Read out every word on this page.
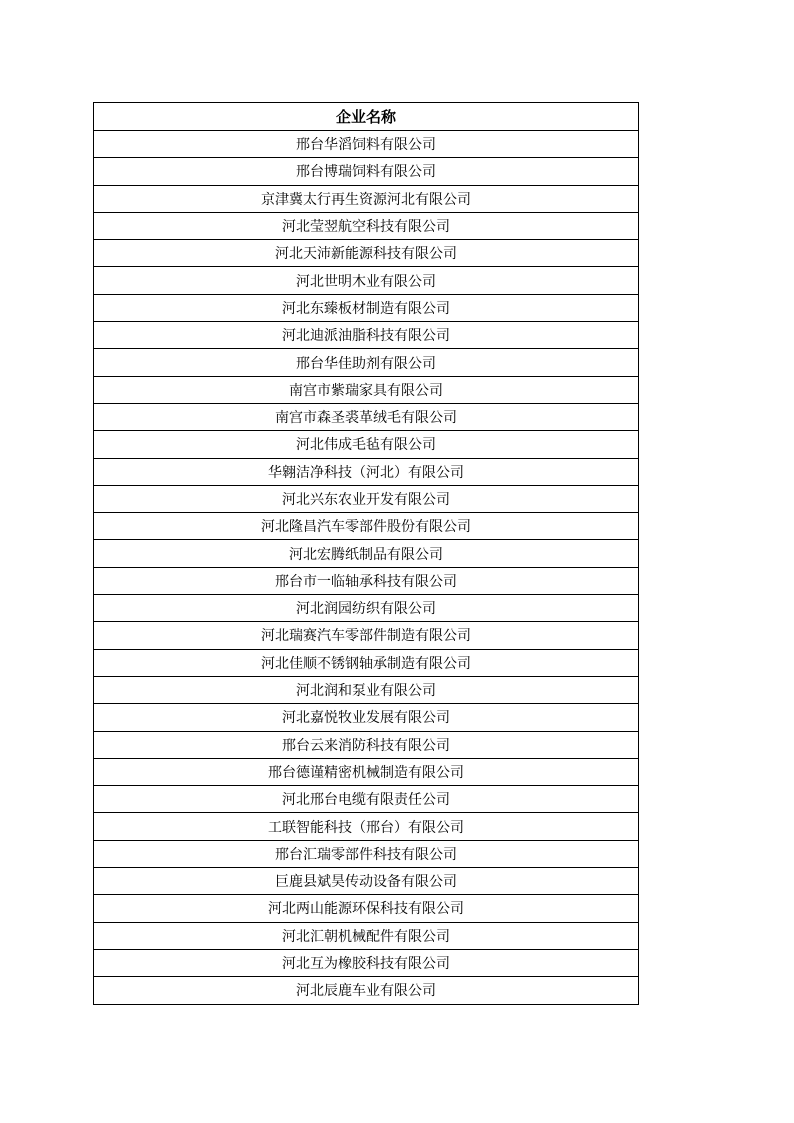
企业名称
邢台华滔饲料有限公司
邢台博瑞饲料有限公司
京津冀太行再生资源河北有限公司
河北莹翌航空科技有限公司
河北天沛新能源科技有限公司
河北世明木业有限公司
河北东臻板材制造有限公司
河北迪派油脂科技有限公司
邢台华佳助剂有限公司
南宫市紫瑞家具有限公司
南宫市森圣裘革绒毛有限公司
河北伟成毛毡有限公司
华翱洁净科技（河北）有限公司
河北兴东农业开发有限公司
河北隆昌汽车零部件股份有限公司
河北宏腾纸制品有限公司
邢台市一临轴承科技有限公司
河北润园纺织有限公司
河北瑞赛汽车零部件制造有限公司
河北佳顺不锈钢轴承制造有限公司
河北润和泵业有限公司
河北嘉悦牧业发展有限公司
邢台云来消防科技有限公司
邢台德谨精密机械制造有限公司
河北邢台电缆有限责任公司
工联智能科技（邢台）有限公司
邢台汇瑞零部件科技有限公司
巨鹿县斌昊传动设备有限公司
河北两山能源环保科技有限公司
河北汇朝机械配件有限公司
河北互为橡胶科技有限公司
河北辰鹿车业有限公司
